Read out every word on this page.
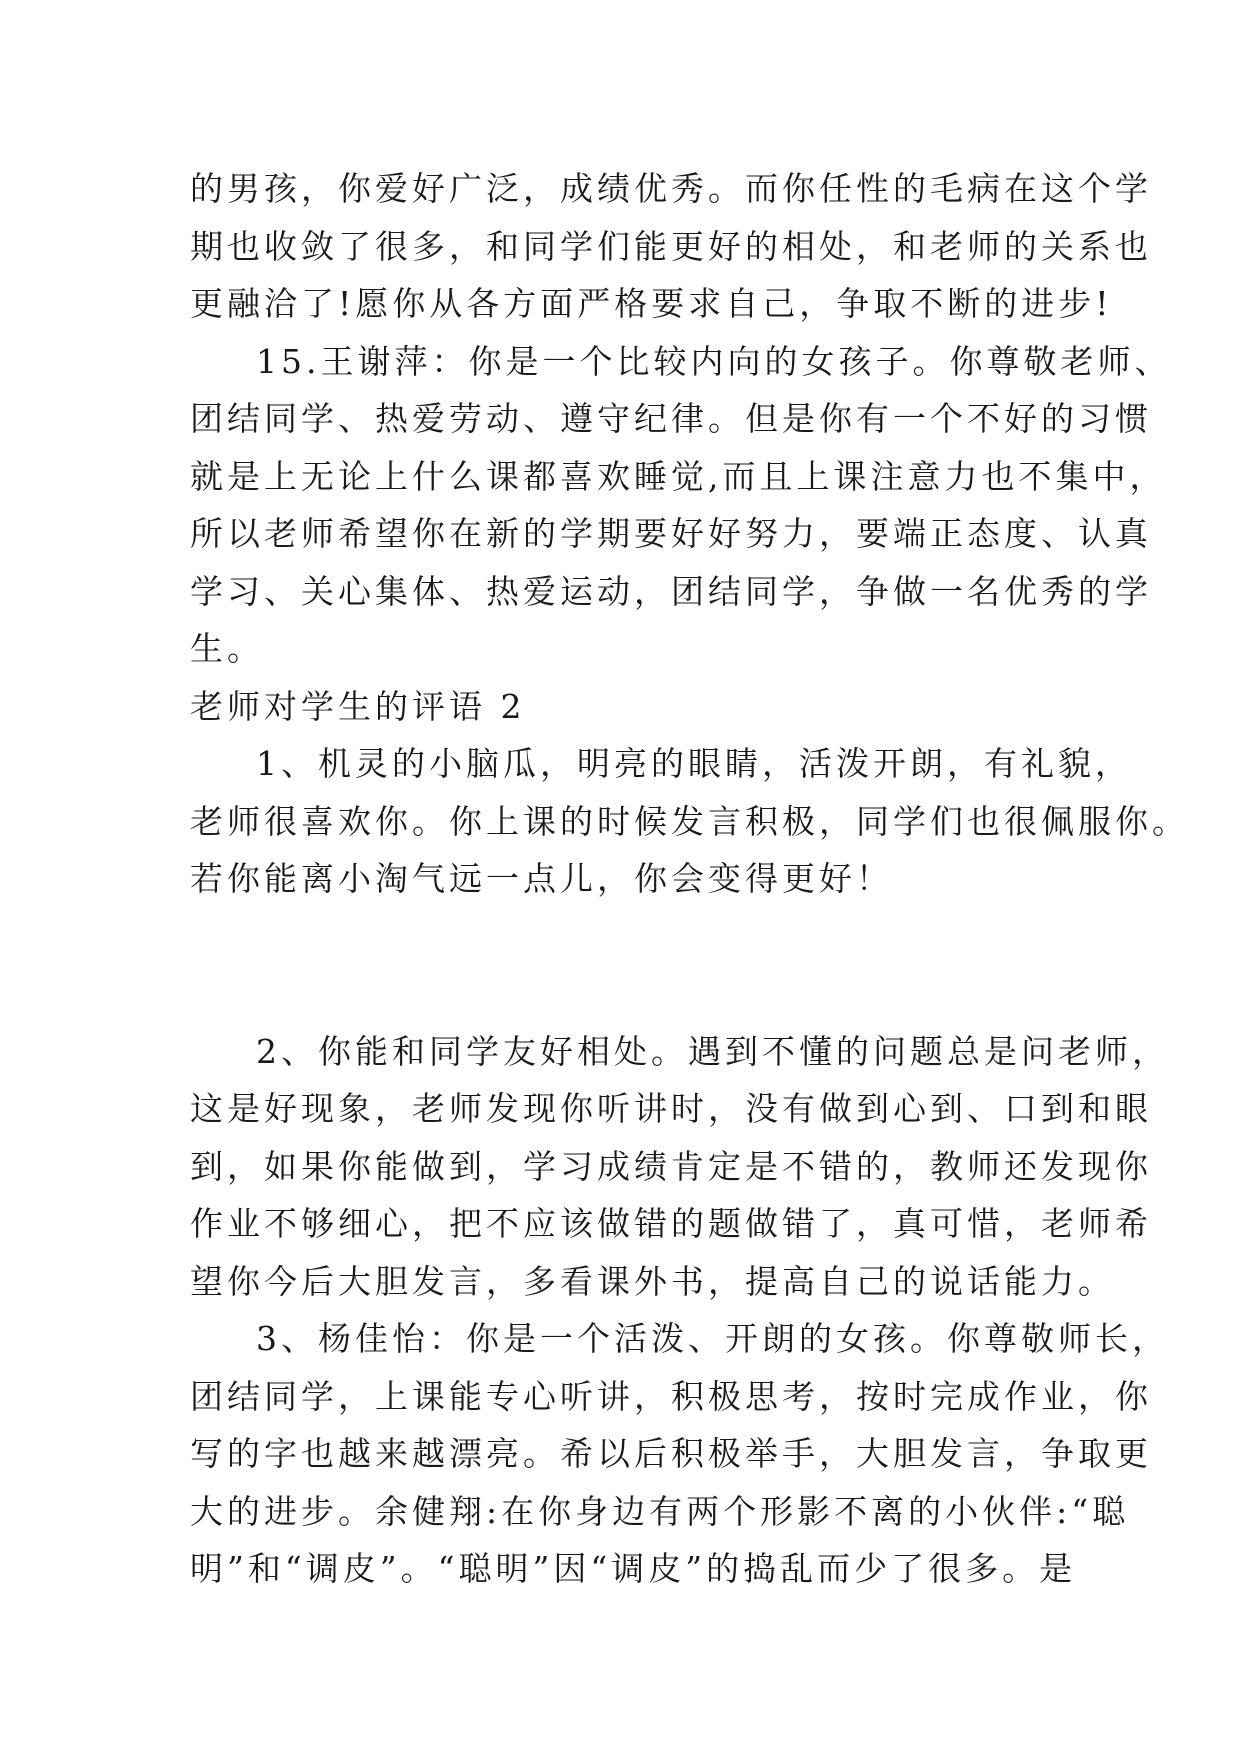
的男孩，你爱好广泛，成绩优秀。而你任性的毛病在这个学
期也收敛了很多，和同学们能更好的相处，和老师的关系也
更融洽了!愿你从各方面严格要求自己，争取不断的进步!
15.王谢萍：你是一个比较内向的女孩子。你尊敬老师、
团结同学、热爱劳动、遵守纪律。但是你有一个不好的习惯
就是上无论上什么课都喜欢睡觉,而且上课注意力也不集中，
所以老师希望你在新的学期要好好努力，要端正态度、认真
学习、关心集体、热爱运动，团结同学，争做一名优秀的学
生。
老师对学生的评语 2
1、机灵的小脑瓜，明亮的眼睛，活泼开朗，有礼貌，
老师很喜欢你。你上课的时候发言积极，同学们也很佩服你。
若你能离小淘气远一点儿，你会变得更好！
2、你能和同学友好相处。遇到不懂的问题总是问老师，
这是好现象，老师发现你听讲时，没有做到心到、口到和眼
到，如果你能做到，学习成绩肯定是不错的，教师还发现你
作业不够细心，把不应该做错的题做错了，真可惜，老师希
望你今后大胆发言，多看课外书，提高自己的说话能力。
3、杨佳怡：你是一个活泼、开朗的女孩。你尊敬师长，
团结同学，上课能专心听讲，积极思考，按时完成作业，你
写的字也越来越漂亮。希以后积极举手，大胆发言，争取更
大的进步。余健翔:在你身边有两个形影不离的小伙伴:“聪
明”和“调皮”。“聪明”因“调皮”的捣乱而少了很多。是
